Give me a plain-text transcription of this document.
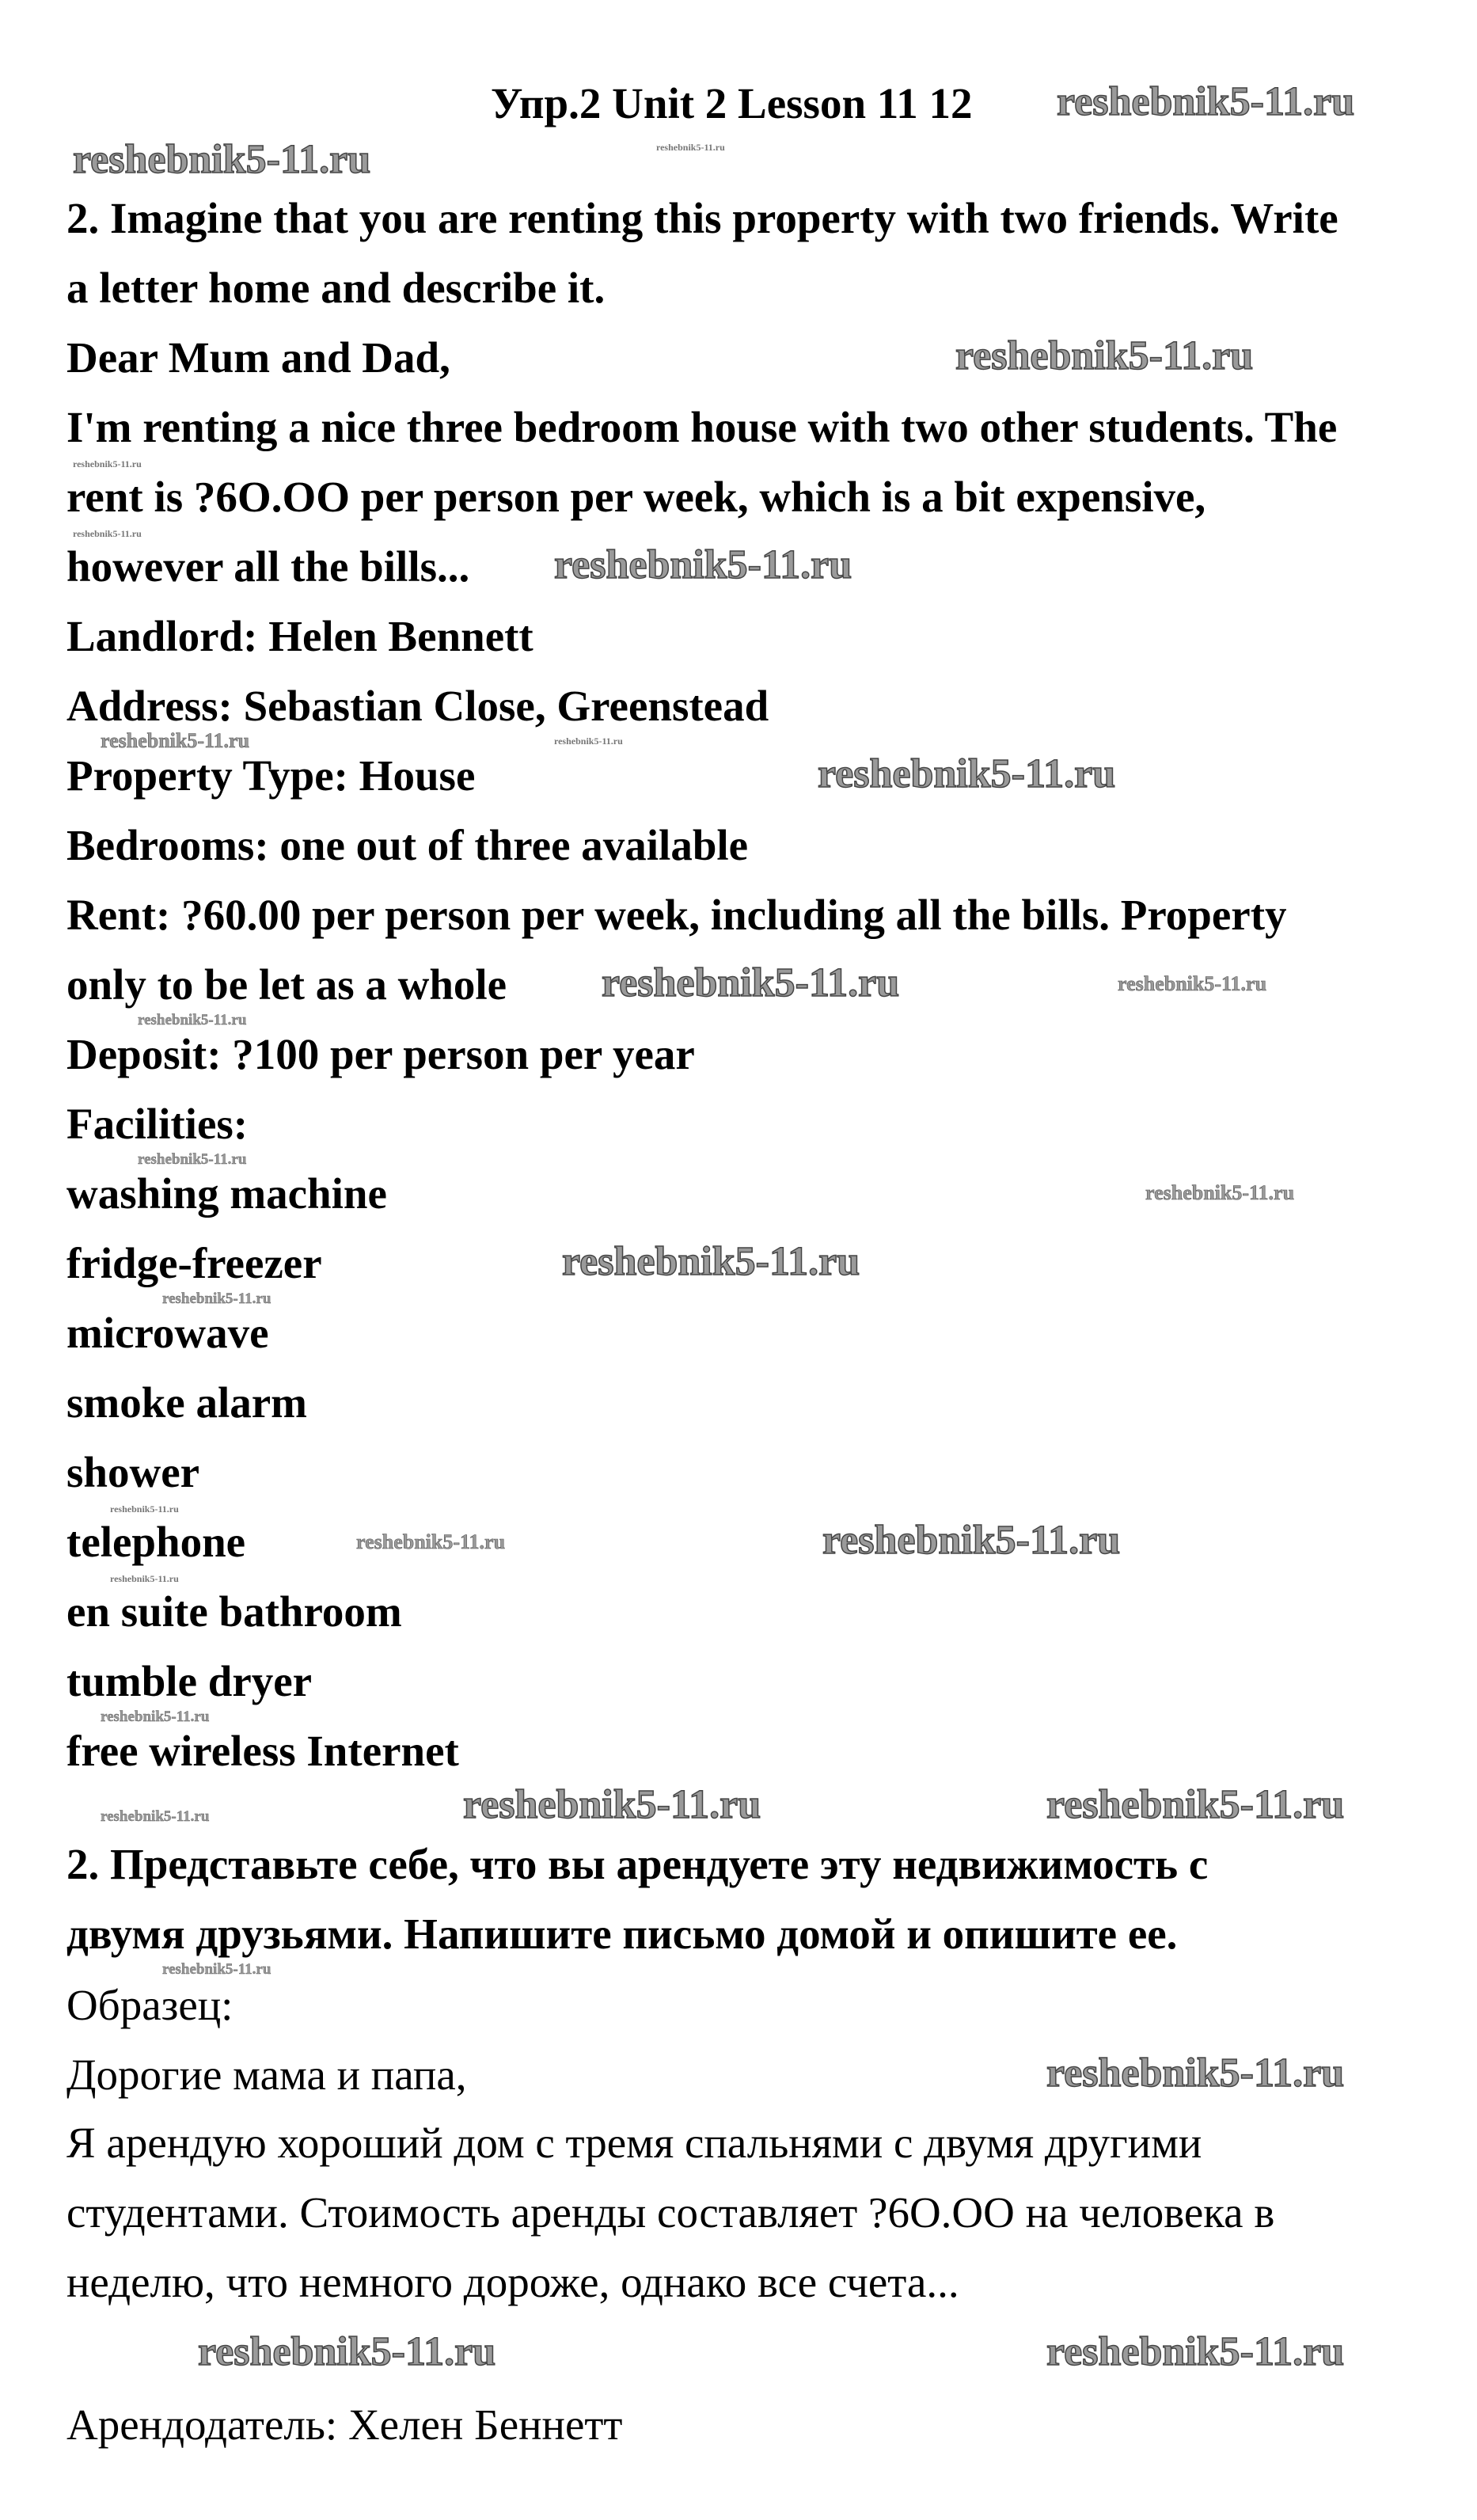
Упр.2 Unit 2 Lesson 11 12
2. Imagine that you are renting this property with two friends. Write
a letter home and describe it.
Dear Mum and Dad,
I'm renting a nice three bedroom house with two other students. The
rent is ?6O.OO per person per week, which is a bit expensive,
however all the bills...
Landlord: Helen Bennett
Address: Sebastian Close, Greenstead
Property Type: House
Bedrooms: one out of three available
Rent: ?60.00 per person per week, including all the bills. Property
only to be let as a whole
Deposit: ?100 per person per year
Facilities:
washing machine
fridge-freezer
microwave
smoke alarm
shower
telephone
en suite bathroom
tumble dryer
free wireless Internet
2. Представьте себе, что вы арендуете эту недвижимость с
двумя друзьями. Напишите письмо домой и опишите ее.
Образец:
Дорогие мама и папа,
Я арендую хороший дом с тремя спальнями с двумя другими
студентами. Стоимость аренды составляет ?6O.OO на человека в
неделю, что немного дороже, однако все счета...
Арендодатель: Хелен Беннетт
reshebnik5-11.ru
reshebnik5-11.ru
reshebnik5-11.ru
reshebnik5-11.ru
reshebnik5-11.ru
reshebnik5-11.ru
reshebnik5-11.ru
reshebnik5-11.ru
reshebnik5-11.ru	reshebnik5-11.ru
reshebnik5-11.ru
reshebnik5-11.ru	reshebnik5-11.ru
reshebnik5-11.ru
reshebnik5-11.ru
reshebnik5-11.ru
reshebnik5-11.ru
reshebnik5-11.ru
reshebnik5-11.ru
reshebnik5-11.ru
reshebnik5-11.ru
reshebnik5-11.ru
reshebnik5-11.ru
reshebnik5-11.ru
reshebnik5-11.ru
reshebnik5-11.ru
reshebnik5-11.ru
reshebnik5-11.ru
reshebnik5-11.ru
